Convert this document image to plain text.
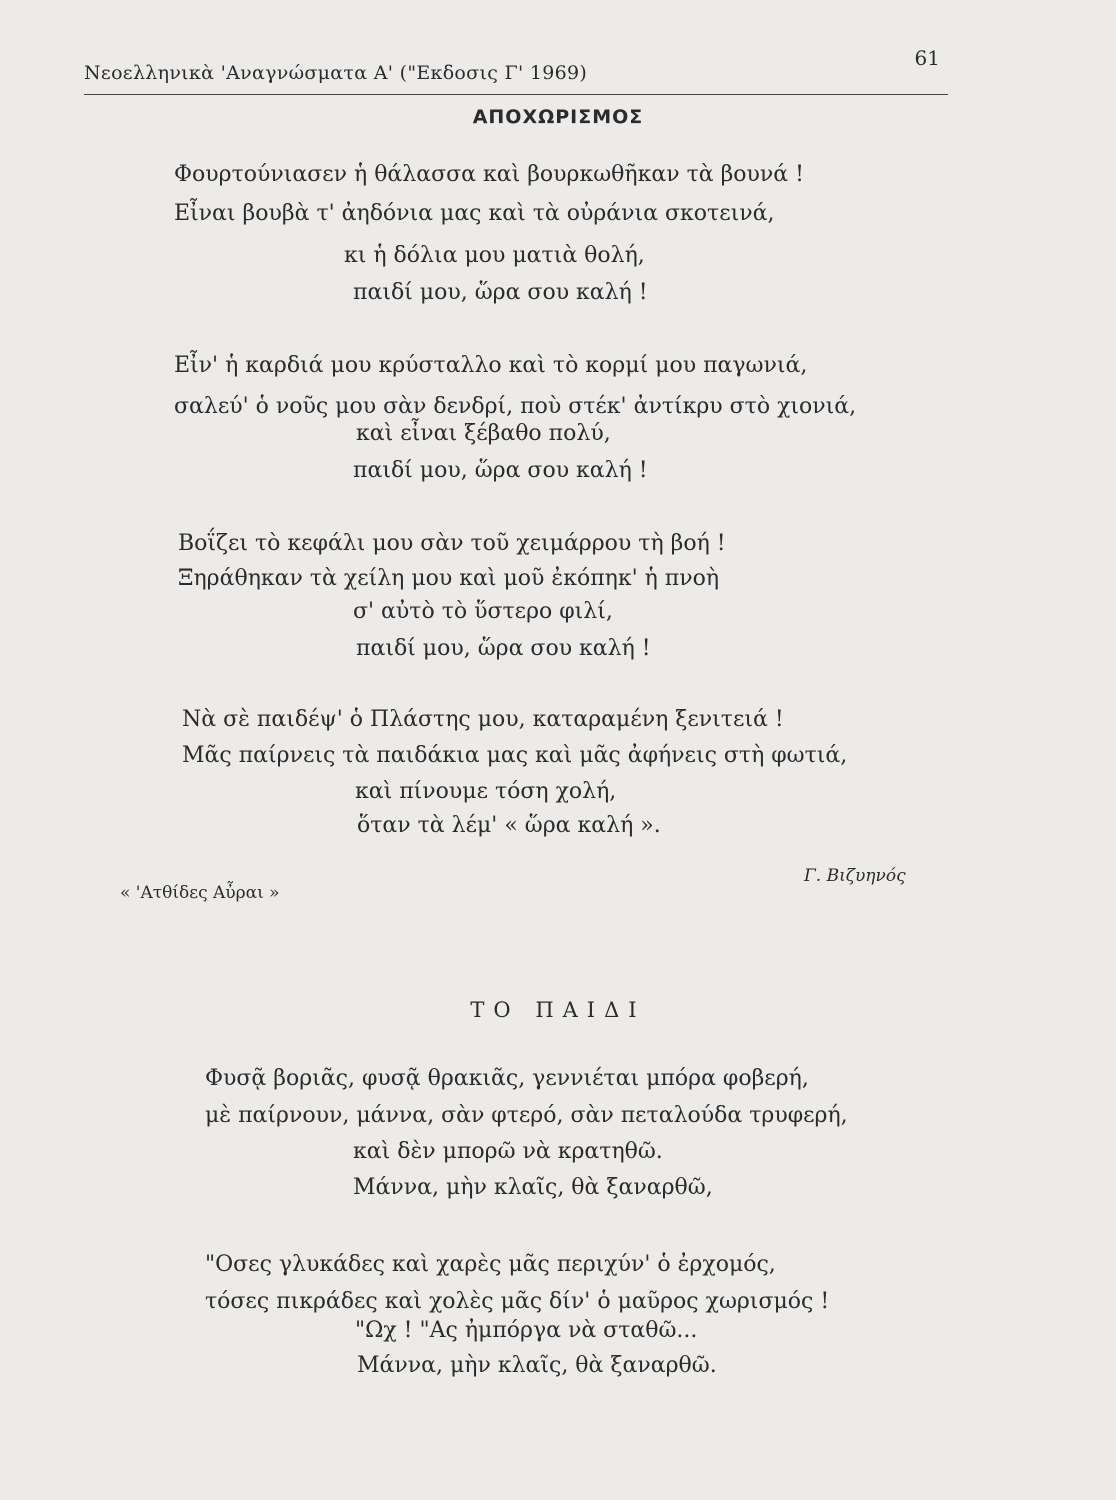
Νεοελληνικὰ 'Αναγνώσματα Α' ("Εκδοσις Γ' 1969)
61
ΑΠΟΧΩΡΙΣΜΟΣ
Φουρτούνιασεν ἡ θάλασσα καὶ βουρκωθῆκαν τὰ βουνά !
Εἶναι βουβὰ τ' ἀηδόνια μας καὶ τὰ οὐράνια σκοτεινά,
κι ἡ δόλια μου ματιὰ θολή,
παιδί μου, ὥρα σου καλή !
Εἶν' ἡ καρδιά μου κρύσταλλο καὶ τὸ κορμί μου παγωνιά,
σαλεύ' ὁ νοῦς μου σὰν δενδρί, ποὺ στέκ' ἀντίκρυ στὸ χιονιά,
καὶ εἶναι ξέβαθο πολύ,
παιδί μου, ὥρα σου καλή !
Βοΐζει τὸ κεφάλι μου σὰν τοῦ χειμάρρου τὴ βοή !
Ξηράθηκαν τὰ χείλη μου καὶ μοῦ ἐκόπηκ' ἡ πνοὴ
σ' αὐτὸ τὸ ὕστερο φιλί,
παιδί μου, ὥρα σου καλή !
Νὰ σὲ παιδέψ' ὁ Πλάστης μου, καταραμένη ξενιτειά !
Μᾶς παίρνεις τὰ παιδάκια μας καὶ μᾶς ἀφήνεις στὴ φωτιά,
καὶ πίνουμε τόση χολή,
ὅταν τὰ λέμ' « ὥρα καλή ».
Γ. Βιζυηνός
« 'Ατθίδες Αὖραι »
ΤΟ ΠΑΙΔΙ
Φυσᾷ βοριᾶς, φυσᾷ θρακιᾶς, γεννιέται μπόρα φοβερή,
μὲ παίρνουν, μάννα, σὰν φτερό, σὰν πεταλούδα τρυφερή,
καὶ δὲν μπορῶ νὰ κρατηθῶ.
Μάννα, μὴν κλαῖς, θὰ ξαναρθῶ,
"Οσες γλυκάδες καὶ χαρὲς μᾶς περιχύν' ὁ ἐρχομός,
τόσες πικράδες καὶ χολὲς μᾶς δίν' ὁ μαῦρος χωρισμός !
"Ωχ ! "Ας ἠμπόργα νὰ σταθῶ...
Μάννα, μὴν κλαῖς, θὰ ξαναρθῶ.
